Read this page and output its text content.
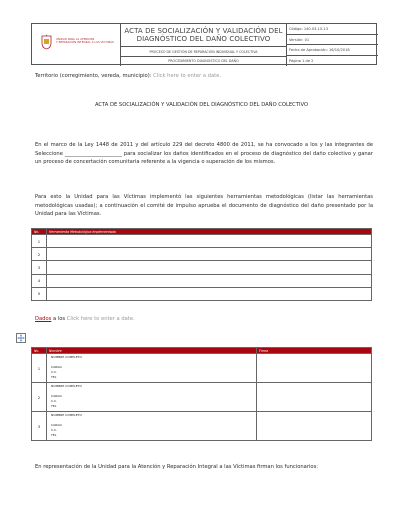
UNIDAD PARA LA ATENCIÓN
Y REPARACIÓN INTEGRAL A LAS VÍCTIMAS
ACTA DE SOCIALIZACIÓN Y VALIDACIÓN DEL DIAGNÓSTICO DEL DAÑO COLECTIVO
PROCESO DE GESTIÓN DE REPARACIÓN INDIVIDUAL Y COLECTIVA
PROCEDIMIENTO DIAGNÓSTICO DEL DAÑO
Código: 140.03.15-13
Versión: 01
Fecha de Aprobación: 16/10/2018
Página 1 de 2
Territorio (corregimiento, vereda, municipio): Click here to enter a date.
ACTA DE SOCIALIZACIÓN Y VALIDACIÓN DEL DIAGNÓSTICO DEL DAÑO COLECTIVO
En el marco de la Ley 1448 de 2011 y del artículo 229 del decreto 4800 de 2011, se ha convocado a los y las integrantes de Seleccione ______________________ para socializar los daños identificados en el proceso de diagnóstico del daño colectivo y ganar un proceso de concertación comunitaria referente a la vigencia o superación de los mismos.
Para esto la Unidad para las Víctimas implementó las siguientes herramientas metodológicas (listar las herramientas metodológicas usadas); a continuación el comité de impulso aprueba el documento de diagnóstico del daño presentado por la Unidad para las Víctimas.
No.	Herramienta Metodológica Implementada
1	
2	
3	
4	
5	
Dados a los Click here to enter a date.
No.	Nombre	Firma
1	NOMBRE COMPLETO
CARGO
C.C.
TEL	

2	NOMBRE COMPLETO
CARGO
C.C.
TEL	

3	NOMBRE COMPLETO
CARGO
C.C.
TEL	

En representación de la Unidad para la Atención y Reparación Integral a las Víctimas firman los funcionarios:
